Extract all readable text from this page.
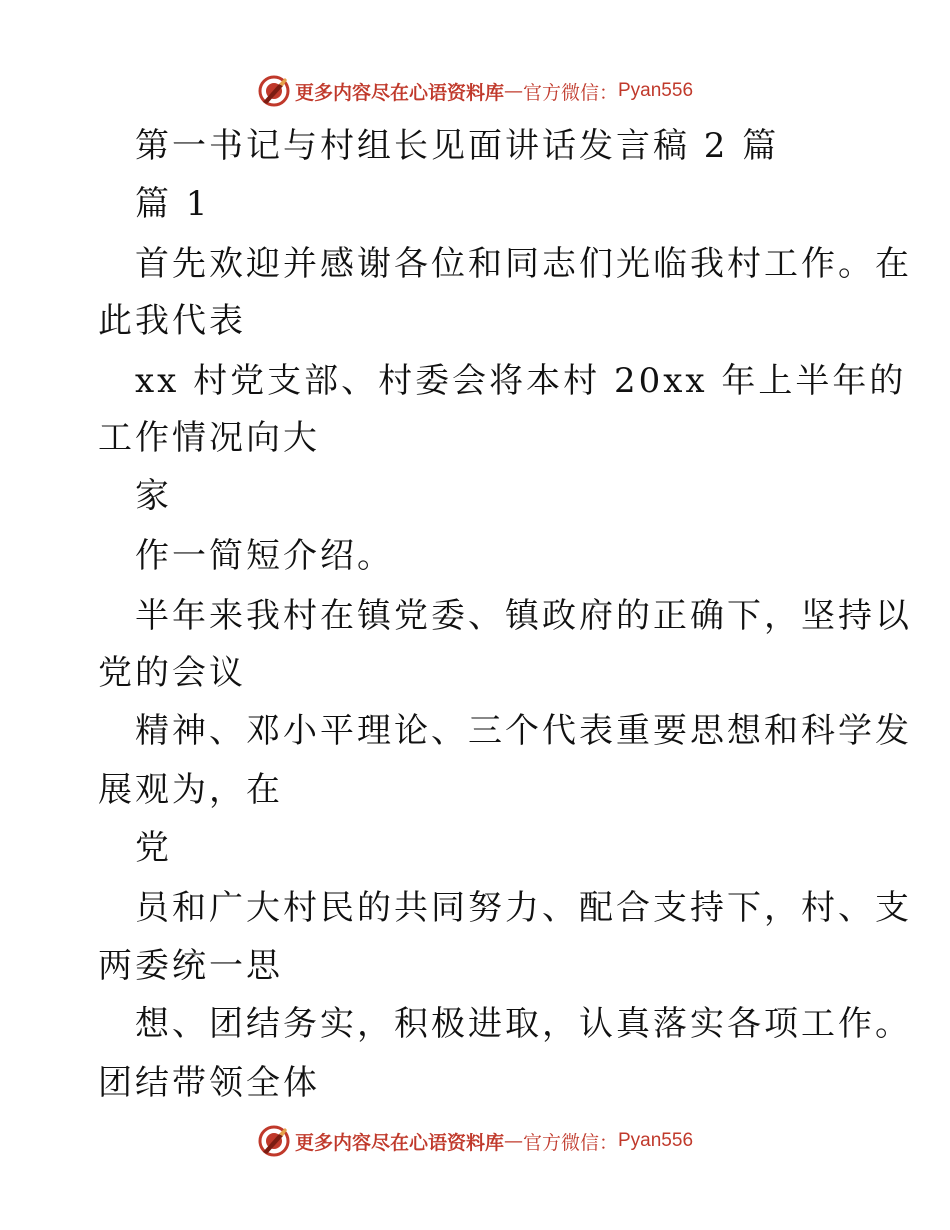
更多内容尽在心语资料库 — 官方微信： Pyan556
第一书记与村组长见面讲话发言稿 2 篇
篇 1
首先欢迎并感谢各位和同志们光临我村工作。在
此我代表
xx 村党支部、村委会将本村 20xx 年上半年的
工作情况向大
家
作一简短介绍。
半年来我村在镇党委、镇政府的正确下，坚持以
党的会议
精神、邓小平理论、三个代表重要思想和科学发
展观为，在
党
员和广大村民的共同努力、配合支持下，村、支
两委统一思
想、团结务实，积极进取，认真落实各项工作。
团结带领全体
更多内容尽在心语资料库 — 官方微信： Pyan556
